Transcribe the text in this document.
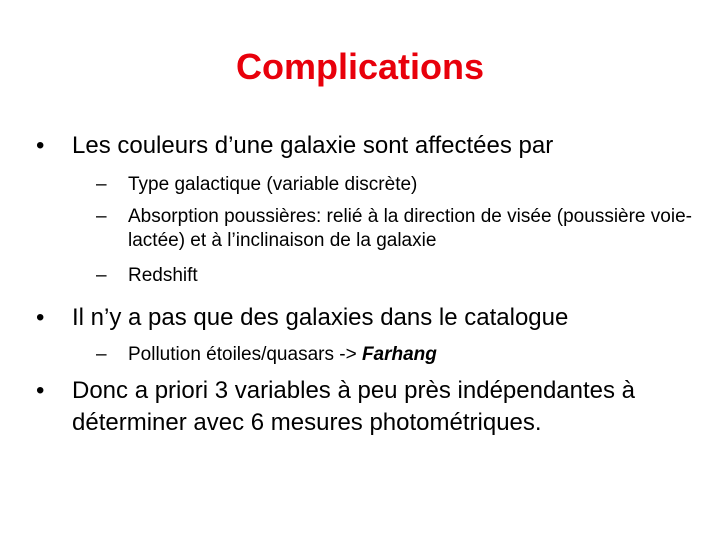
Complications
•	Les couleurs d’une galaxie sont affectées par
– Type galactique (variable discrète)
– Absorption poussières: relié à la direction de visée (poussière voie-lactée) et à l’inclinaison de la galaxie
– Redshift
•	Il n’y a pas que des galaxies dans le catalogue
– Pollution étoiles/quasars -> Farhang
•	Donc a priori 3 variables à peu près indépendantes à déterminer avec 6 mesures photométriques.
